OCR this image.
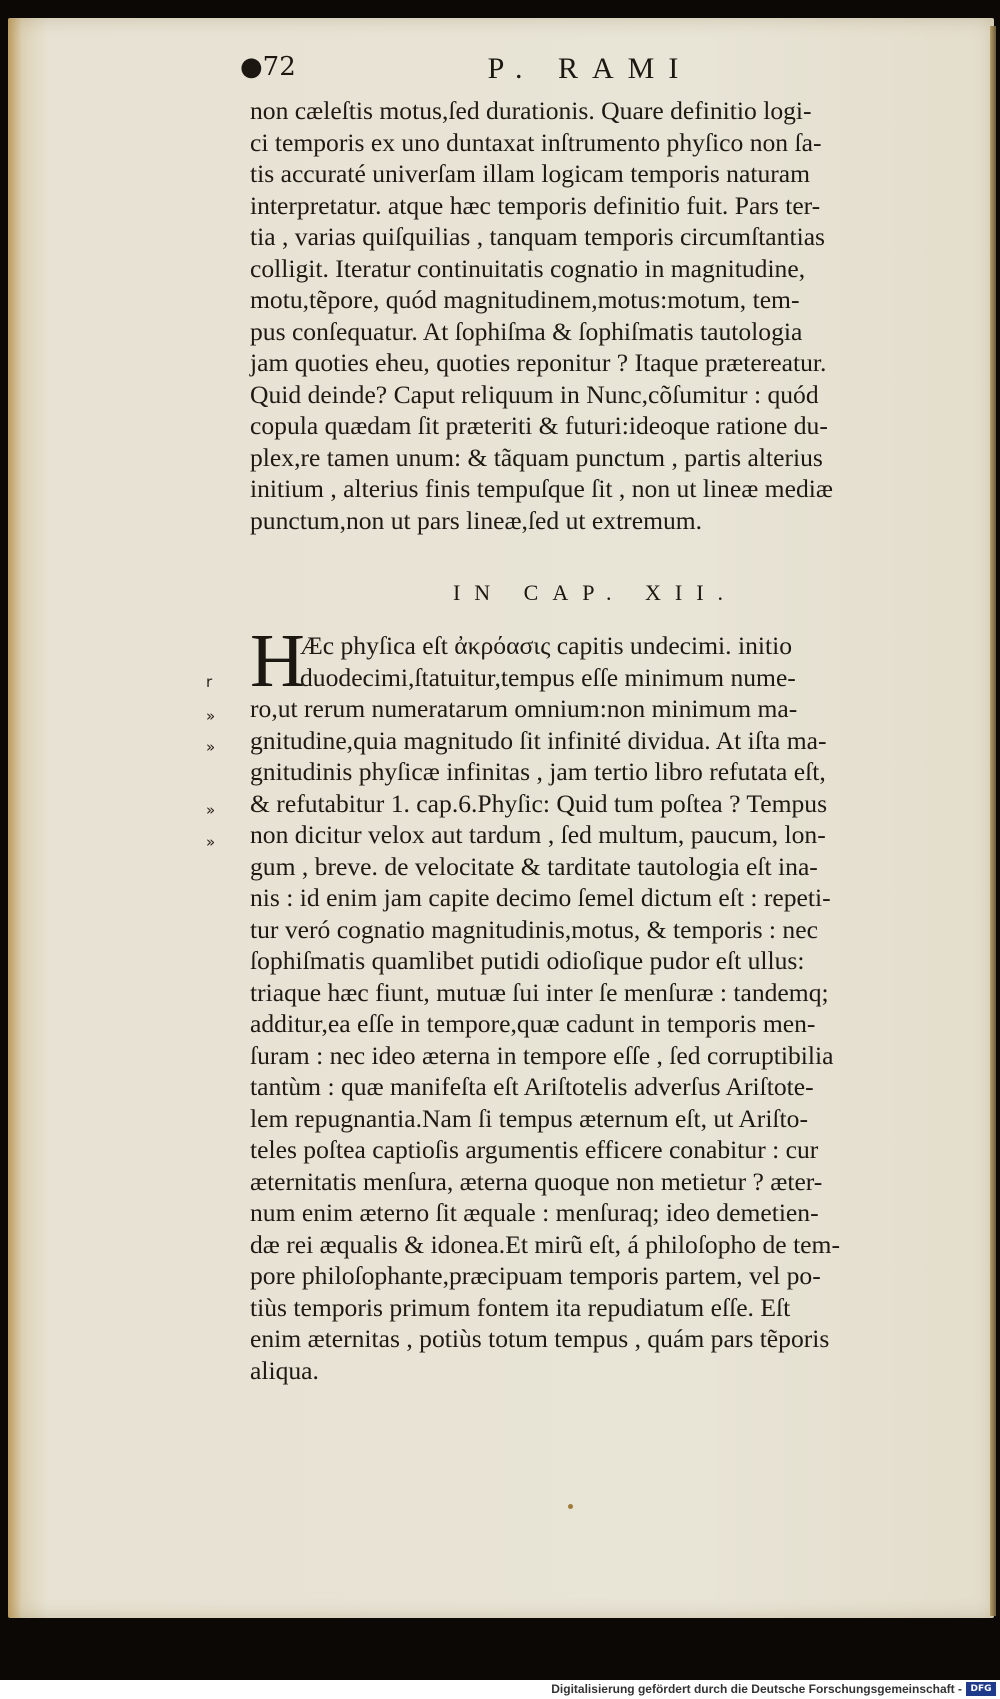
●72	P. RAMI
non cæleſtis motus,ſed durationis. Quare definitio logi-
ci temporis ex uno duntaxat inſtrumento phyſico non ſa-
tis accuraté univerſam illam logicam temporis naturam
interpretatur. atque hæc temporis definitio fuit. Pars ter-
tia , varias quiſquilias , tanquam temporis circumſtantias
colligit. Iteratur continuitatis cognatio in magnitudine,
motu,tẽpore, quód magnitudinem,motus:motum, tem-
pus conſequatur. At ſophiſma & ſophiſmatis tautologia
jam quoties eheu, quoties reponitur ? Itaque prætereatur.
Quid deinde? Caput reliquum in Nunc,cõſumitur : quód
copula quædam ſit præteriti & futuri:ideoque ratione du-
plex,re tamen unum: & tãquam punctum , partis alterius
initium , alterius finis tempuſque ſit , non ut lineæ mediæ
punctum,non ut pars lineæ,ſed ut extremum.
IN CAP. XII.
H
Æc phyſica eſt ἀκρόασις capitis undecimi. initio
duodecimi,ſtatuitur,tempus eſſe minimum nume-
ro,ut rerum numeratarum omnium:non minimum ma-
gnitudine,quia magnitudo ſit infinité dividua. At iſta ma-
gnitudinis phyſicæ infinitas , jam tertio libro refutata eſt,
& refutabitur 1. cap.6.Phyſic: Quid tum poſtea ? Tempus
non dicitur velox aut tardum , ſed multum, paucum, lon-
gum , breve. de velocitate & tarditate tautologia eſt ina-
nis : id enim jam capite decimo ſemel dictum eſt : repeti-
tur veró cognatio magnitudinis,motus, & temporis : nec
ſophiſmatis quamlibet putidi odioſique pudor eſt ullus:
triaque hæc fiunt, mutuæ ſui inter ſe menſuræ : tandemq;
additur,ea eſſe in tempore,quæ cadunt in temporis men-
ſuram : nec ideo æterna in tempore eſſe , ſed corruptibilia
tantùm : quæ manifeſta eſt Ariſtotelis adverſus Ariſtote-
lem repugnantia.Nam ſi tempus æternum eſt, ut Ariſto-
teles poſtea captioſis argumentis efficere conabitur : cur
æternitatis menſura, æterna quoque non metietur ? æter-
num enim æterno ſit æquale : menſuraq; ideo demetien-
dæ rei æqualis & idonea.Et mirũ eſt, á philoſopho de tem-
pore philoſophante,præcipuam temporis partem, vel po-
tiùs temporis primum fontem ita repudiatum eſſe. Eſt
enim æternitas , potiùs totum tempus , quám pars tẽporis
aliqua.
r
»
»
»
»
Digitalisierung gefördert durch die Deutsche Forschungsgemeinschaft - DFG
